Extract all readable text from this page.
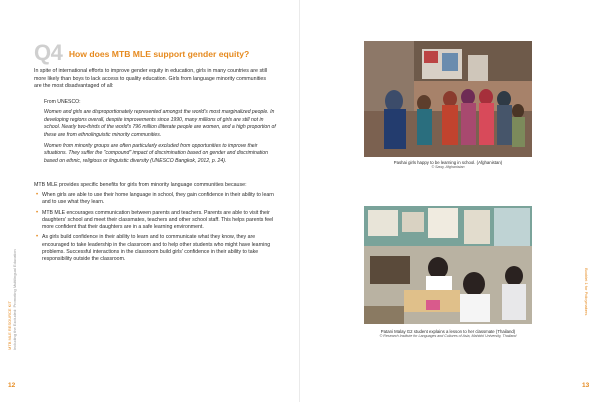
Q4 How does MTB MLE support gender equity?
In spite of international efforts to improve gender equity in education, girls in many countries are still more likely than boys to lack access to quality education. Girls from language minority communities are the most disadvantaged of all:

From UNESCO:

Women and girls are disproportionately represented amongst the world's most marginalized people. In developing regions overall, despite improvements since 1990, many millions of girls are still not in school. Nearly two-thirds of the world's 796 million illiterate people are women, and a high proportion of these are from ethnolinguistic minority communities.

Women from minority groups are often particularly excluded from opportunities to improve their situations. They suffer the "compound" impact of discrimination based on gender and discrimination based on ethnic, religious or linguistic diversity (UNESCO Bangkok, 2012, p. 24).

MTB MLE provides specific benefits for girls from minority language communities because:
• When girls are able to use their home language in school, they gain confidence in their ability to learn and to use what they learn.
• MTB MLE encourages communication between parents and teachers. Parents are able to visit their daughters' school and meet their classmates, teachers and other school staff. This helps parents feel more confident that their daughters are in a safe learning environment.
• As girls build confidence in their ability to learn and to communicate what they know, they are encouraged to take leadership in the classroom and to help other students who might have learning problems. Successful interactions in the classroom build girls' confidence in their ability to take responsibility outside the classroom.
MTB MLE RESOURCE KIT Including the Excluded: Promoting Multilingual Education
12
Pashai girls happy to be learning in school. (Afghanistan)
© Sawy, Afghanistan
Patani Malay G2 student explains a lesson to her classmate (Thailand)
© Research Institute for Languages and Cultures of Asia, Mahidol University, Thailand
Booklet 1 for Policymakers
13
